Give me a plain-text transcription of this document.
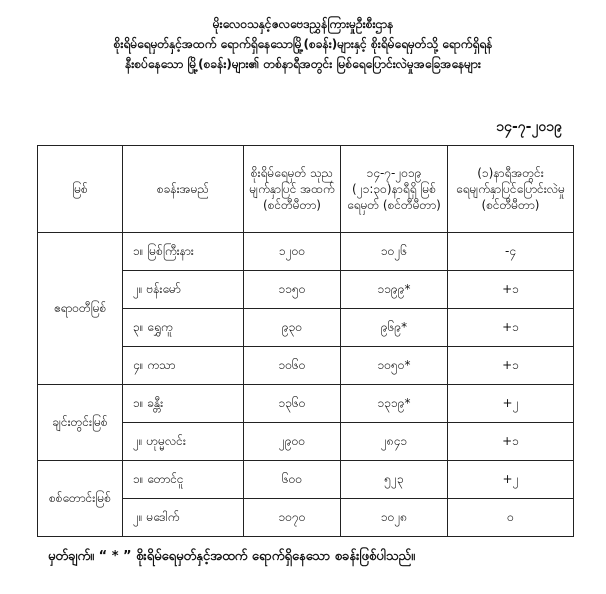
မိုးလေဝသနှင့်ဇလဗေဒညွှန်ကြားမှုဦးစီးဌာန
စိုးရိမ်ရေမှတ်နှင့်အထက် ရောက်ရှိနေသောမြို့(စခန်း)များနှင့် စိုးရိမ်ရေမှတ်သို့ ရောက်ရှိရန်
နီးစပ်နေသော မြို့(စခန်း)များ၏ တစ်နာရီအတွင်း မြစ်ရေပြောင်းလဲမှုအခြေအနေများ
၁၄-၇-၂၀၁၉
မြစ်	စခန်းအမည်	စိုးရိမ်ရေမှတ် သုညမျက်နှာပြင် အထက် (စင်တီမီတာ)	၁၄-၇-၂၀၁၉ (၂၁:၃၀)နာရီရှိ မြစ်ရေမှတ် (စင်တီမီတာ)	(၁)နာရီအတွင်း ရေမျက်နှာပြင်ပြောင်းလဲမှု (စင်တီမီတာ)
ဧရာဝတီမြစ်	၁။ မြစ်ကြီးနား	၁၂၀၀	၁၀၂၆	-၄
	၂။ ဗန်းမော်	၁၁၅၀	၁၁၉၉*	+၁
	၃။ ရွှေကူ	၉၃၀	၉၆၉*	+၁
	၄။ ကသာ	၁၀၆၀	၁၀၅၀*	+၁
ချင်းတွင်းမြစ်	၁။ ခန္တီး	၁၃၆၀	၁၃၁၉*	+၂
	၂။ ဟုမ္မလင်း	၂၉၀၀	၂၈၄၁	+၁
စစ်တောင်းမြစ်	၁။ တောင်ငူ	၆၀၀	၅၂၃	+၂
	၂။ မဒေါက်	၁၀၇၀	၁၀၂၈	၀
မှတ်ချက်။ “ * ” စိုးရိမ်ရေမှတ်နှင့်အထက် ရောက်ရှိနေသော စခန်းဖြစ်ပါသည်။
